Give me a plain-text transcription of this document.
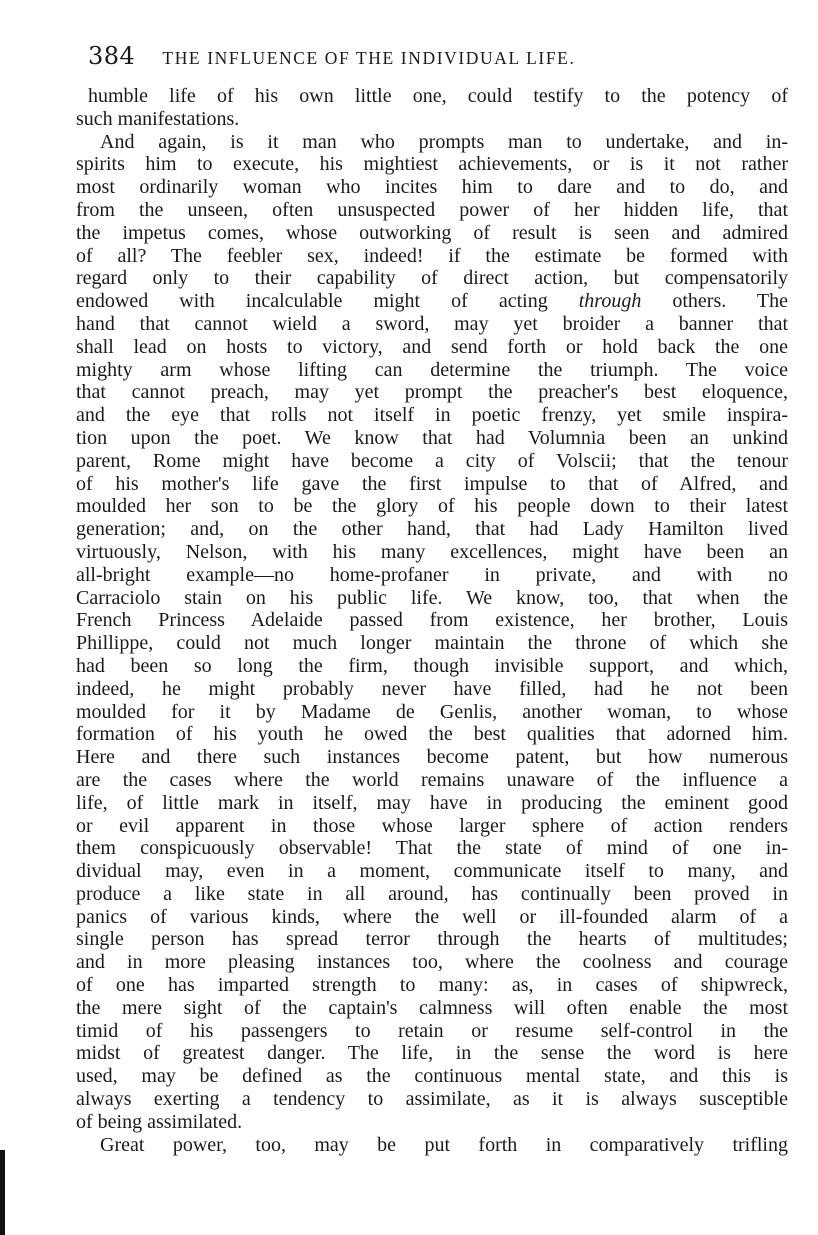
384 THE INFLUENCE OF THE INDIVIDUAL LIFE.
humble life of his own little one, could testify to the potency of
such manifestations.
And again, is it man who prompts man to undertake, and in-
spirits him to execute, his mightiest achievements, or is it not rather
most ordinarily woman who incites him to dare and to do, and
from the unseen, often unsuspected power of her hidden life, that
the impetus comes, whose outworking of result is seen and admired
of all? The feebler sex, indeed! if the estimate be formed with
regard only to their capability of direct action, but compensatorily
endowed with incalculable might of acting through others. The
hand that cannot wield a sword, may yet broider a banner that
shall lead on hosts to victory, and send forth or hold back the one
mighty arm whose lifting can determine the triumph. The voice
that cannot preach, may yet prompt the preacher's best eloquence,
and the eye that rolls not itself in poetic frenzy, yet smile inspira-
tion upon the poet. We know that had Volumnia been an unkind
parent, Rome might have become a city of Volscii; that the tenour
of his mother's life gave the first impulse to that of Alfred, and
moulded her son to be the glory of his people down to their latest
generation; and, on the other hand, that had Lady Hamilton lived
virtuously, Nelson, with his many excellences, might have been an
all-bright example—no home-profaner in private, and with no
Carraciolo stain on his public life. We know, too, that when the
French Princess Adelaide passed from existence, her brother, Louis
Phillippe, could not much longer maintain the throne of which she
had been so long the firm, though invisible support, and which,
indeed, he might probably never have filled, had he not been
moulded for it by Madame de Genlis, another woman, to whose
formation of his youth he owed the best qualities that adorned him.
Here and there such instances become patent, but how numerous
are the cases where the world remains unaware of the influence a
life, of little mark in itself, may have in producing the eminent good
or evil apparent in those whose larger sphere of action renders
them conspicuously observable! That the state of mind of one in-
dividual may, even in a moment, communicate itself to many, and
produce a like state in all around, has continually been proved in
panics of various kinds, where the well or ill-founded alarm of a
single person has spread terror through the hearts of multitudes;
and in more pleasing instances too, where the coolness and courage
of one has imparted strength to many: as, in cases of shipwreck,
the mere sight of the captain's calmness will often enable the most
timid of his passengers to retain or resume self-control in the
midst of greatest danger. The life, in the sense the word is here
used, may be defined as the continuous mental state, and this is
always exerting a tendency to assimilate, as it is always susceptible
of being assimilated.
Great power, too, may be put forth in comparatively trifling
